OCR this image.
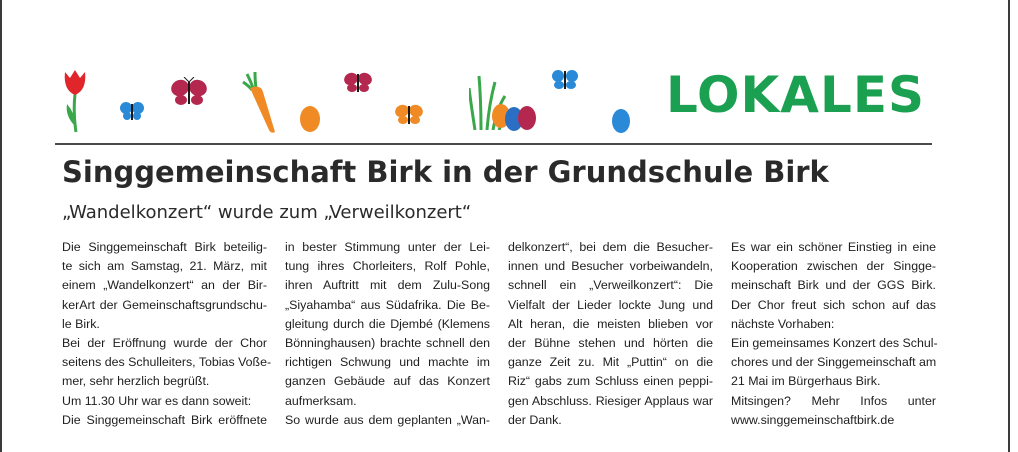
LOKALES
Singgemeinschaft Birk in der Grundschule Birk
„Wandelkonzert“ wurde zum „Verweilkonzert“
Die Singgemeinschaft Birk beteilig-
te sich am Samstag, 21. März, mit
einem „Wandelkonzert“ an der Bir-
kerArt der Gemeinschaftsgrundschu-
le Birk.
Bei der Eröffnung wurde der Chor
seitens des Schulleiters, Tobias Voße-
mer, sehr herzlich begrüßt.
Um 11.30 Uhr war es dann soweit:
Die Singgemeinschaft Birk eröffnete
in bester Stimmung unter der Lei-
tung ihres Chorleiters, Rolf Pohle,
ihren Auftritt mit dem Zulu-Song
„Siyahamba“ aus Südafrika. Die Be-
gleitung durch die Djembé (Klemens
Bönninghausen) brachte schnell den
richtigen Schwung und machte im
ganzen Gebäude auf das Konzert
aufmerksam.
So wurde aus dem geplanten „Wan-
delkonzert“, bei dem die Besucher-
innen und Besucher vorbeiwandeln,
schnell ein „Verweilkonzert“: Die
Vielfalt der Lieder lockte Jung und
Alt heran, die meisten blieben vor
der Bühne stehen und hörten die
ganze Zeit zu. Mit „Puttin“ on die
Riz“ gabs zum Schluss einen peppi-
gen Abschluss. Riesiger Applaus war
der Dank.
Es war ein schöner Einstieg in eine
Kooperation zwischen der Singge-
meinschaft Birk und der GGS Birk.
Der Chor freut sich schon auf das
nächste Vorhaben:
Ein gemeinsames Konzert des Schul-
chores und der Singgemeinschaft am
21 Mai im Bürgerhaus Birk.
Mitsingen? Mehr Infos unter
www.singgemeinschaftbirk.de
